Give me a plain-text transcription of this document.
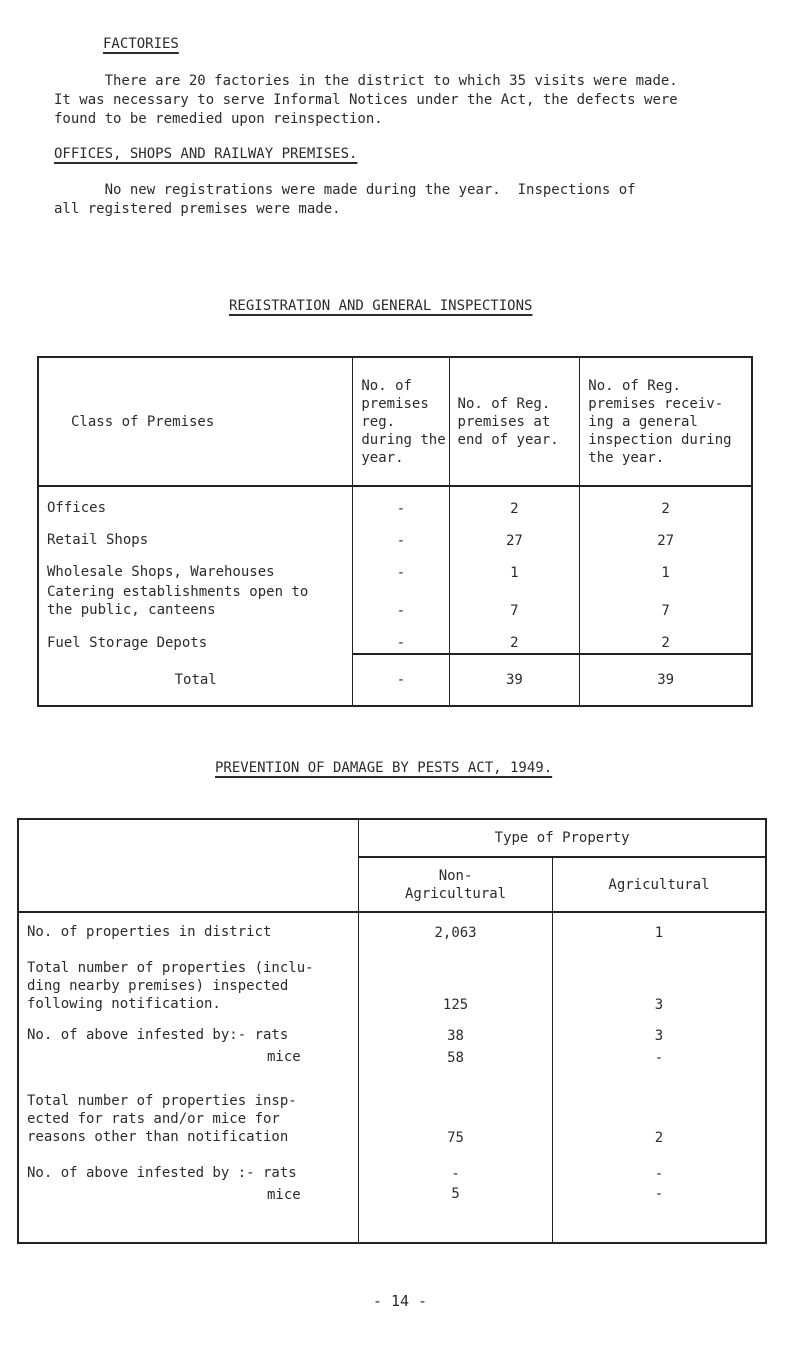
FACTORIES
There are 20 factories in the district to which 35 visits were made.
It was necessary to serve Informal Notices under the Act, the defects were
found to be remedied upon reinspection.
OFFICES, SHOPS AND RAILWAY PREMISES.
No new registrations were made during the year.  Inspections of
all registered premises were made.
REGISTRATION AND GENERAL INSPECTIONS
Class of Premises	No. of premises reg. during the year.	No. of Reg. premises at end of year.	No. of Reg. premises receiv- ing a general inspection during the year.

Offices	-	2	2

Retail Shops	-	27	27

Wholesale Shops, Warehouses	-	1	1

Catering establishments open to the public, canteens	-	7	7

Fuel Storage Depots	-	2	2
Total	-	39	39
PREVENTION OF DAMAGE BY PESTS ACT, 1949.
	Type of Property	

	Non- Agricultural	Agricultural

No. of properties in district	2,063	1

Total number of properties (inclu- ding nearby premises) inspected following notification.	125	3

No. of above infested by:- rats	38	3

mice	58	-

Total number of properties insp- ected for rats and/or mice for reasons other than notification	75	2

No. of above infested by :- rats	-	-

mice	5	-
- 14 -
